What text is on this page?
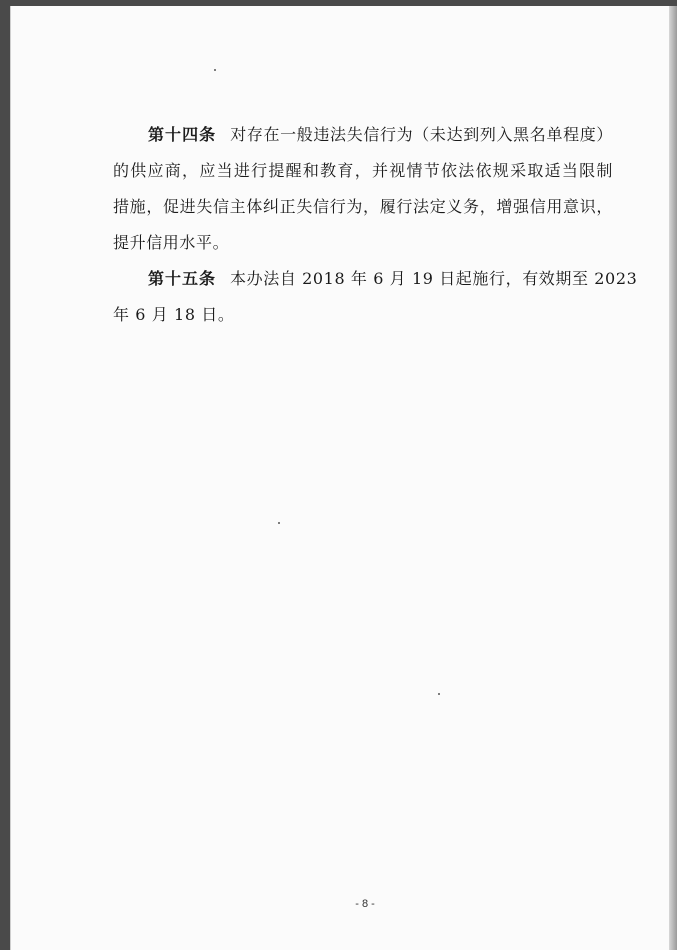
第十四条 对存在一般违法失信行为（未达到列入黑名单程度）
的供应商，应当进行提醒和教育，并视情节依法依规采取适当限制
措施，促进失信主体纠正失信行为，履行法定义务，增强信用意识，
提升信用水平。
第十五条 本办法自 2018 年 6 月 19 日起施行，有效期至 2023
年 6 月 18 日。
- 8 -
